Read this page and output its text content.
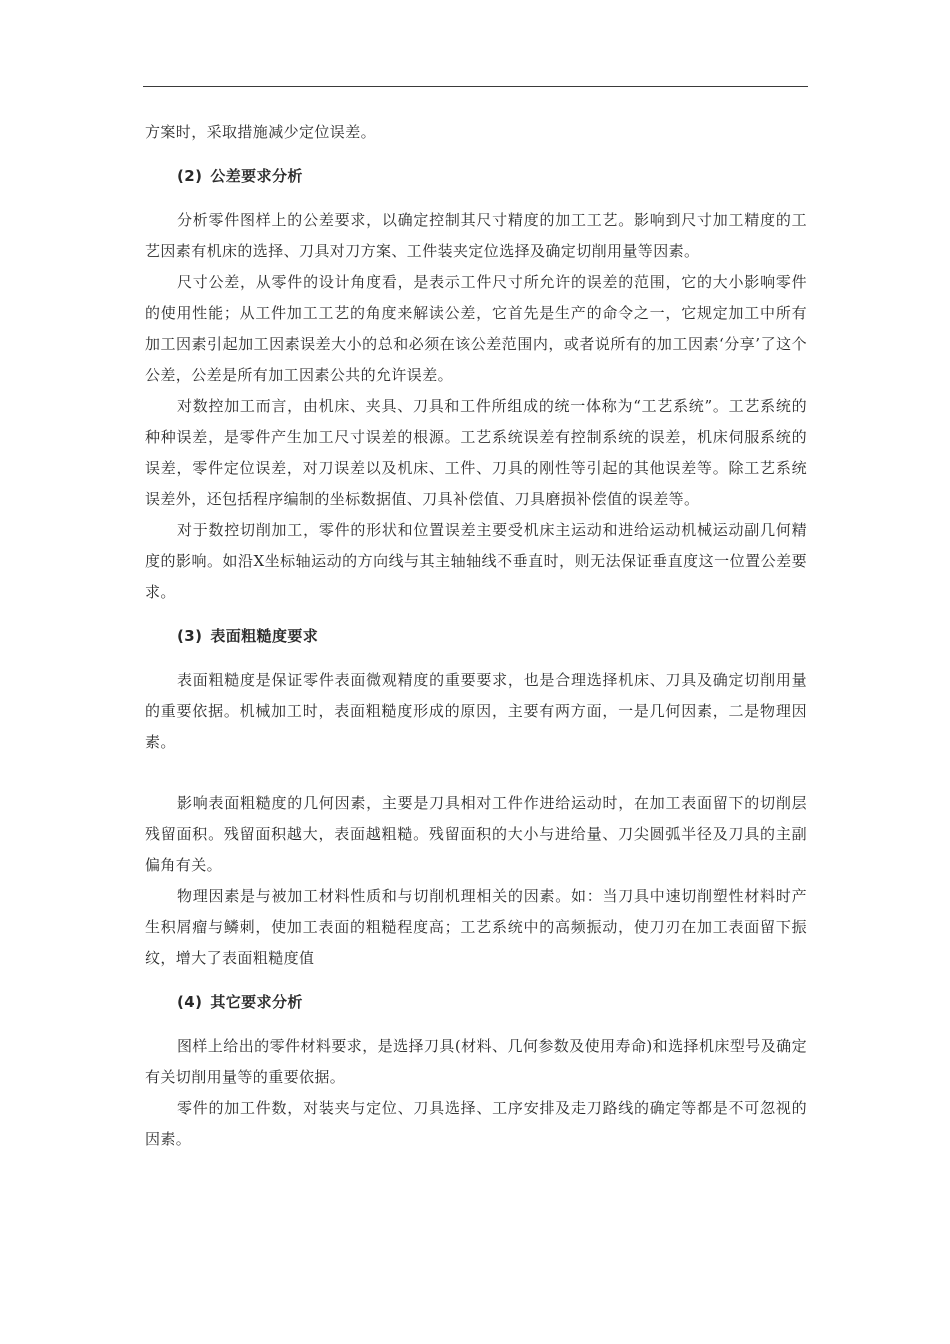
方案时，采取措施减少定位误差。

(2) 公差要求分析

分析零件图样上的公差要求，以确定控制其尺寸精度的加工工艺。影响到尺寸加工精度的工艺因素有机床的选择、刀具对刀方案、工件装夹定位选择及确定切削用量等因素。

尺寸公差，从零件的设计角度看，是表示工件尺寸所允许的误差的范围，它的大小影响零件的使用性能；从工件加工工艺的角度来解读公差，它首先是生产的命令之一，它规定加工中所有加工因素引起加工因素误差大小的总和必须在该公差范围内，或者说所有的加工因素‘分享’了这个公差，公差是所有加工因素公共的允许误差。

对数控加工而言，由机床、夹具、刀具和工件所组成的统一体称为“工艺系统”。工艺系统的种种误差，是零件产生加工尺寸误差的根源。工艺系统误差有控制系统的误差，机床伺服系统的误差，零件定位误差，对刀误差以及机床、工件、刀具的刚性等引起的其他误差等。除工艺系统误差外，还包括程序编制的坐标数据值、刀具补偿值、刀具磨损补偿值的误差等。

对于数控切削加工，零件的形状和位置误差主要受机床主运动和进给运动机械运动副几何精度的影响。如沿X坐标轴运动的方向线与其主轴轴线不垂直时，则无法保证垂直度这一位置公差要求。

(3) 表面粗糙度要求

表面粗糙度是保证零件表面微观精度的重要要求，也是合理选择机床、刀具及确定切削用量的重要依据。机械加工时，表面粗糙度形成的原因，主要有两方面，一是几何因素，二是物理因素。

影响表面粗糙度的几何因素，主要是刀具相对工件作进给运动时，在加工表面留下的切削层残留面积。残留面积越大，表面越粗糙。残留面积的大小与进给量、刀尖圆弧半径及刀具的主副偏角有关。

物理因素是与被加工材料性质和与切削机理相关的因素。如：当刀具中速切削塑性材料时产生积屑瘤与鳞刺，使加工表面的粗糙程度高；工艺系统中的高频振动，使刀刃在加工表面留下振纹，增大了表面粗糙度值

(4) 其它要求分析

图样上给出的零件材料要求，是选择刀具(材料、几何参数及使用寿命)和选择机床型号及确定有关切削用量等的重要依据。

零件的加工件数，对装夹与定位、刀具选择、工序安排及走刀路线的确定等都是不可忽视的因素。
